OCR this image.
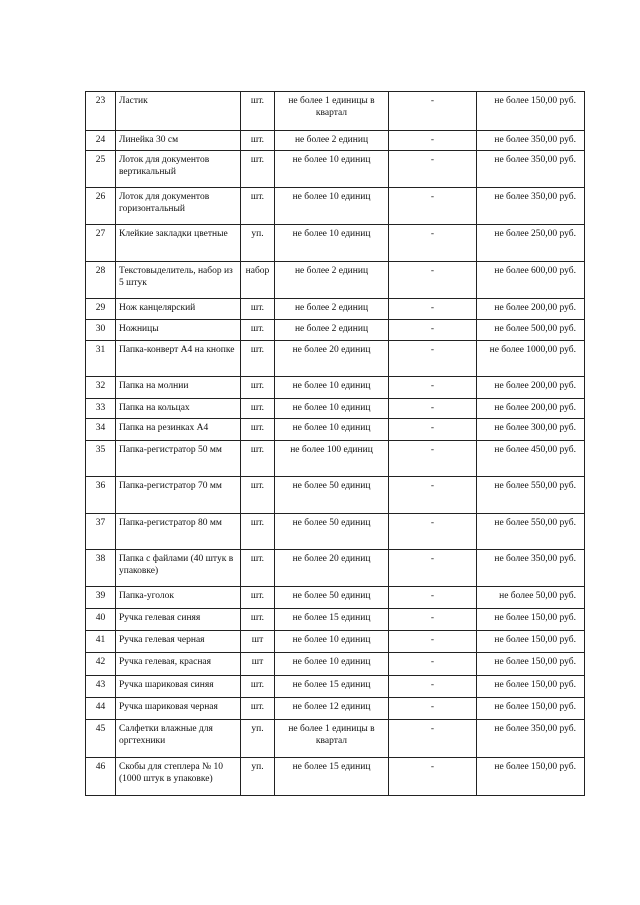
23	Ластик	шт.	не более 1 единицы в квартал	-	не более 150,00 руб.
24	Линейка 30 см	шт.	не более 2 единиц	-	не более 350,00 руб.
25	Лоток для документов вертикальный	шт.	не более 10 единиц	-	не более 350,00 руб.
26	Лоток для документов горизонтальный	шт.	не более 10 единиц	-	не более 350,00 руб.
27	Клейкие закладки цветные	уп.	не более 10 единиц	-	не более 250,00 руб.
28	Текстовыделитель, набор из 5 штук	набор	не более 2 единиц	-	не более 600,00 руб.
29	Нож канцелярский	шт.	не более 2 единиц	-	не более 200,00 руб.
30	Ножницы	шт.	не более 2 единиц	-	не более 500,00 руб.
31	Папка-конверт А4 на кнопке	шт.	не более 20 единиц	-	не более 1000,00 руб.
32	Папка на молнии	шт.	не более 10 единиц	-	не более 200,00 руб.
33	Папка на кольцах	шт.	не более 10 единиц	-	не более 200,00 руб.
34	Папка на резинках А4	шт.	не более 10 единиц	-	не более 300,00 руб.
35	Папка-регистратор 50 мм	шт.	не более 100 единиц	-	не более 450,00 руб.
36	Папка-регистратор 70 мм	шт.	не более 50 единиц	-	не более 550,00 руб.
37	Папка-регистратор 80 мм	шт.	не более 50 единиц	-	не более 550,00 руб.
38	Папка с файлами (40 штук в упаковке)	шт.	не более 20 единиц	-	не более 350,00 руб.
39	Папка-уголок	шт.	не более 50 единиц	-	не более 50,00 руб.
40	Ручка гелевая синяя	шт.	не более 15 единиц	-	не более 150,00 руб.
41	Ручка гелевая черная	шт	не более 10 единиц	-	не более 150,00 руб.
42	Ручка гелевая, красная	шт	не более 10 единиц	-	не более 150,00 руб.
43	Ручка шариковая синяя	шт.	не более 15 единиц	-	не более 150,00 руб.
44	Ручка шариковая черная	шт.	не более 12 единиц	-	не более 150,00 руб.
45	Салфетки влажные для оргтехники	уп.	не более 1 единицы в квартал	-	не более 350,00 руб.
46	Скобы для степлера № 10 (1000 штук в упаковке)	уп.	не более 15 единиц	-	не более 150,00 руб.
